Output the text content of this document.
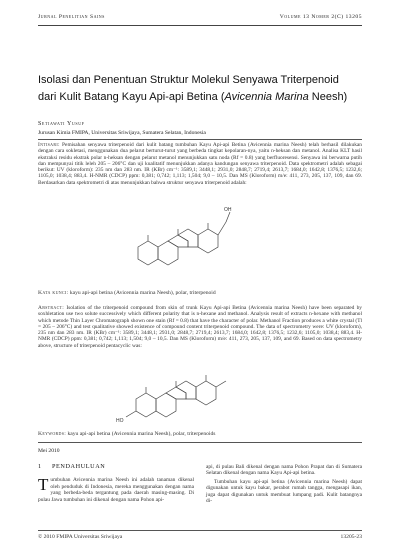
Jurnal Penelitian Sains	Volume 13 Nomer 2(C) 13205
Isolasi dan Penentuan Struktur Molekul Senyawa Triterpenoid dari Kulit Batang Kayu Api-api Betina (Avicennia Marina Neesh)
Setiawati Yusuf
Jurusan Kimia FMIPA, Universitas Sriwijaya, Sumatera Selatan, Indonesia
Intisari: Pemisahan senyawa triterpenoid dari kulit batang tumbuhan Kayu Api-api Betina (Avicennia marina Neesh) telah berhasil dilakukan dengan cara sokletasi, menggunakan dua pelarut berturut-turut yang berbeda tingkat kepolaran-nya, yaitu n-heksan dan metanol. Analisa KLT hasil ekstraksi residu ekstrak polar n-heksan dengan pelarut metanol menunjukkan satu noda (Rf = 0.8) yang berfluoresensi. Senyawa ini berwarna putih dan mempunyai titik leleh 205 – 206°C dan uji kualitatif menunjukkan adanya kandungan senyawa triterpenoid. Data spektrometri adalah sebagai berikut: UV (kloroform): 235 nm dan 283 nm. IR (KBr) cm⁻¹: 3589,1; 3448,1; 2931,0; 2848,7; 2719,4; 2613,7; 1684,0; 1642,8; 1376,5; 1232,6; 1105,0; 1038,4; 883,4. H-NMR (CDCP) ppm: 0,381; 0,742; 1,113; 1,504; 9,0 – 10,5. Dan MS (Kloroform) m/e: 411, 273, 205, 137, 109, dan 69. Berdasarkan data spektrometri di atas menunjukkan bahwa struktur senyawa triterpenoid adalah:
OH
Kata kunci: kayu api-api betina (Avicennia marina Neesh), polar, triterpenoid
Abstract: Isolation of the triterpenoid compound from skin of trunk Kayu Api-api Betina (Avicennia marina Neesh) have been separated by soxhletation use two solute successively which different polarity that is n-hexane and methanol. Analysis result of extracts n-hexane with methanol which metode Thin Layer Chromatograph shown one stain (Rf = 0.8) that have the character of polar. Methanol Fraction produces a white crystal (Tl = 205 – 206°C) and test qualitative showed existence of compound content triterpenoid compound. The data of spectrometry were: UV (kloroform), 235 nm dan 283 nm. IR (KBr) cm⁻¹: 3589,1; 3448,1; 2931,0; 2848,7; 2719,4; 2613,7; 1684,0; 1642,8; 1376,5; 1232,6; 1105,0; 1038,4; 883,4. H-NMR (CDCP) ppm: 0,381; 0,742; 1,113; 1,504; 9,0 – 10,5. Dan MS (Kloroform) m/e: 411, 273, 205, 137, 109, and 69. Based on data spectrometry above, structure of triterpenoid pentacyclic was:
HO
Keywords: kayu api-api betina (Avicennia marina Neesh), polar, triterpenoids
Mei 2010
1 PENDAHULUAN
T umbuhan Avicennia marina Neesh ini adalah tanaman dikenal oleh penduduk di Indonesia, mereka menggunakan dengan nama yang berbeda-beda tergantung pada daerah masing-masing. Di pulau Jawa tumbuhan ini dikenal dengan nama Pohon api-
api, di pulau Bali dikenal dengan nama Pohon Prapat dan di Sumatera Selatan dikenal dengan nama Kayu Api-api betina.
Tumbuhan kayu api-api betina (Avicennia marina Neesh) dapat digunakan untuk kayu bakar, perabot rumah tangga, mengasapi ikan, juga dapat digunakan untuk membuat lumpang padi. Kulit batangnya di-
© 2010 FMIPA Universitas Sriwijaya	13205-23
